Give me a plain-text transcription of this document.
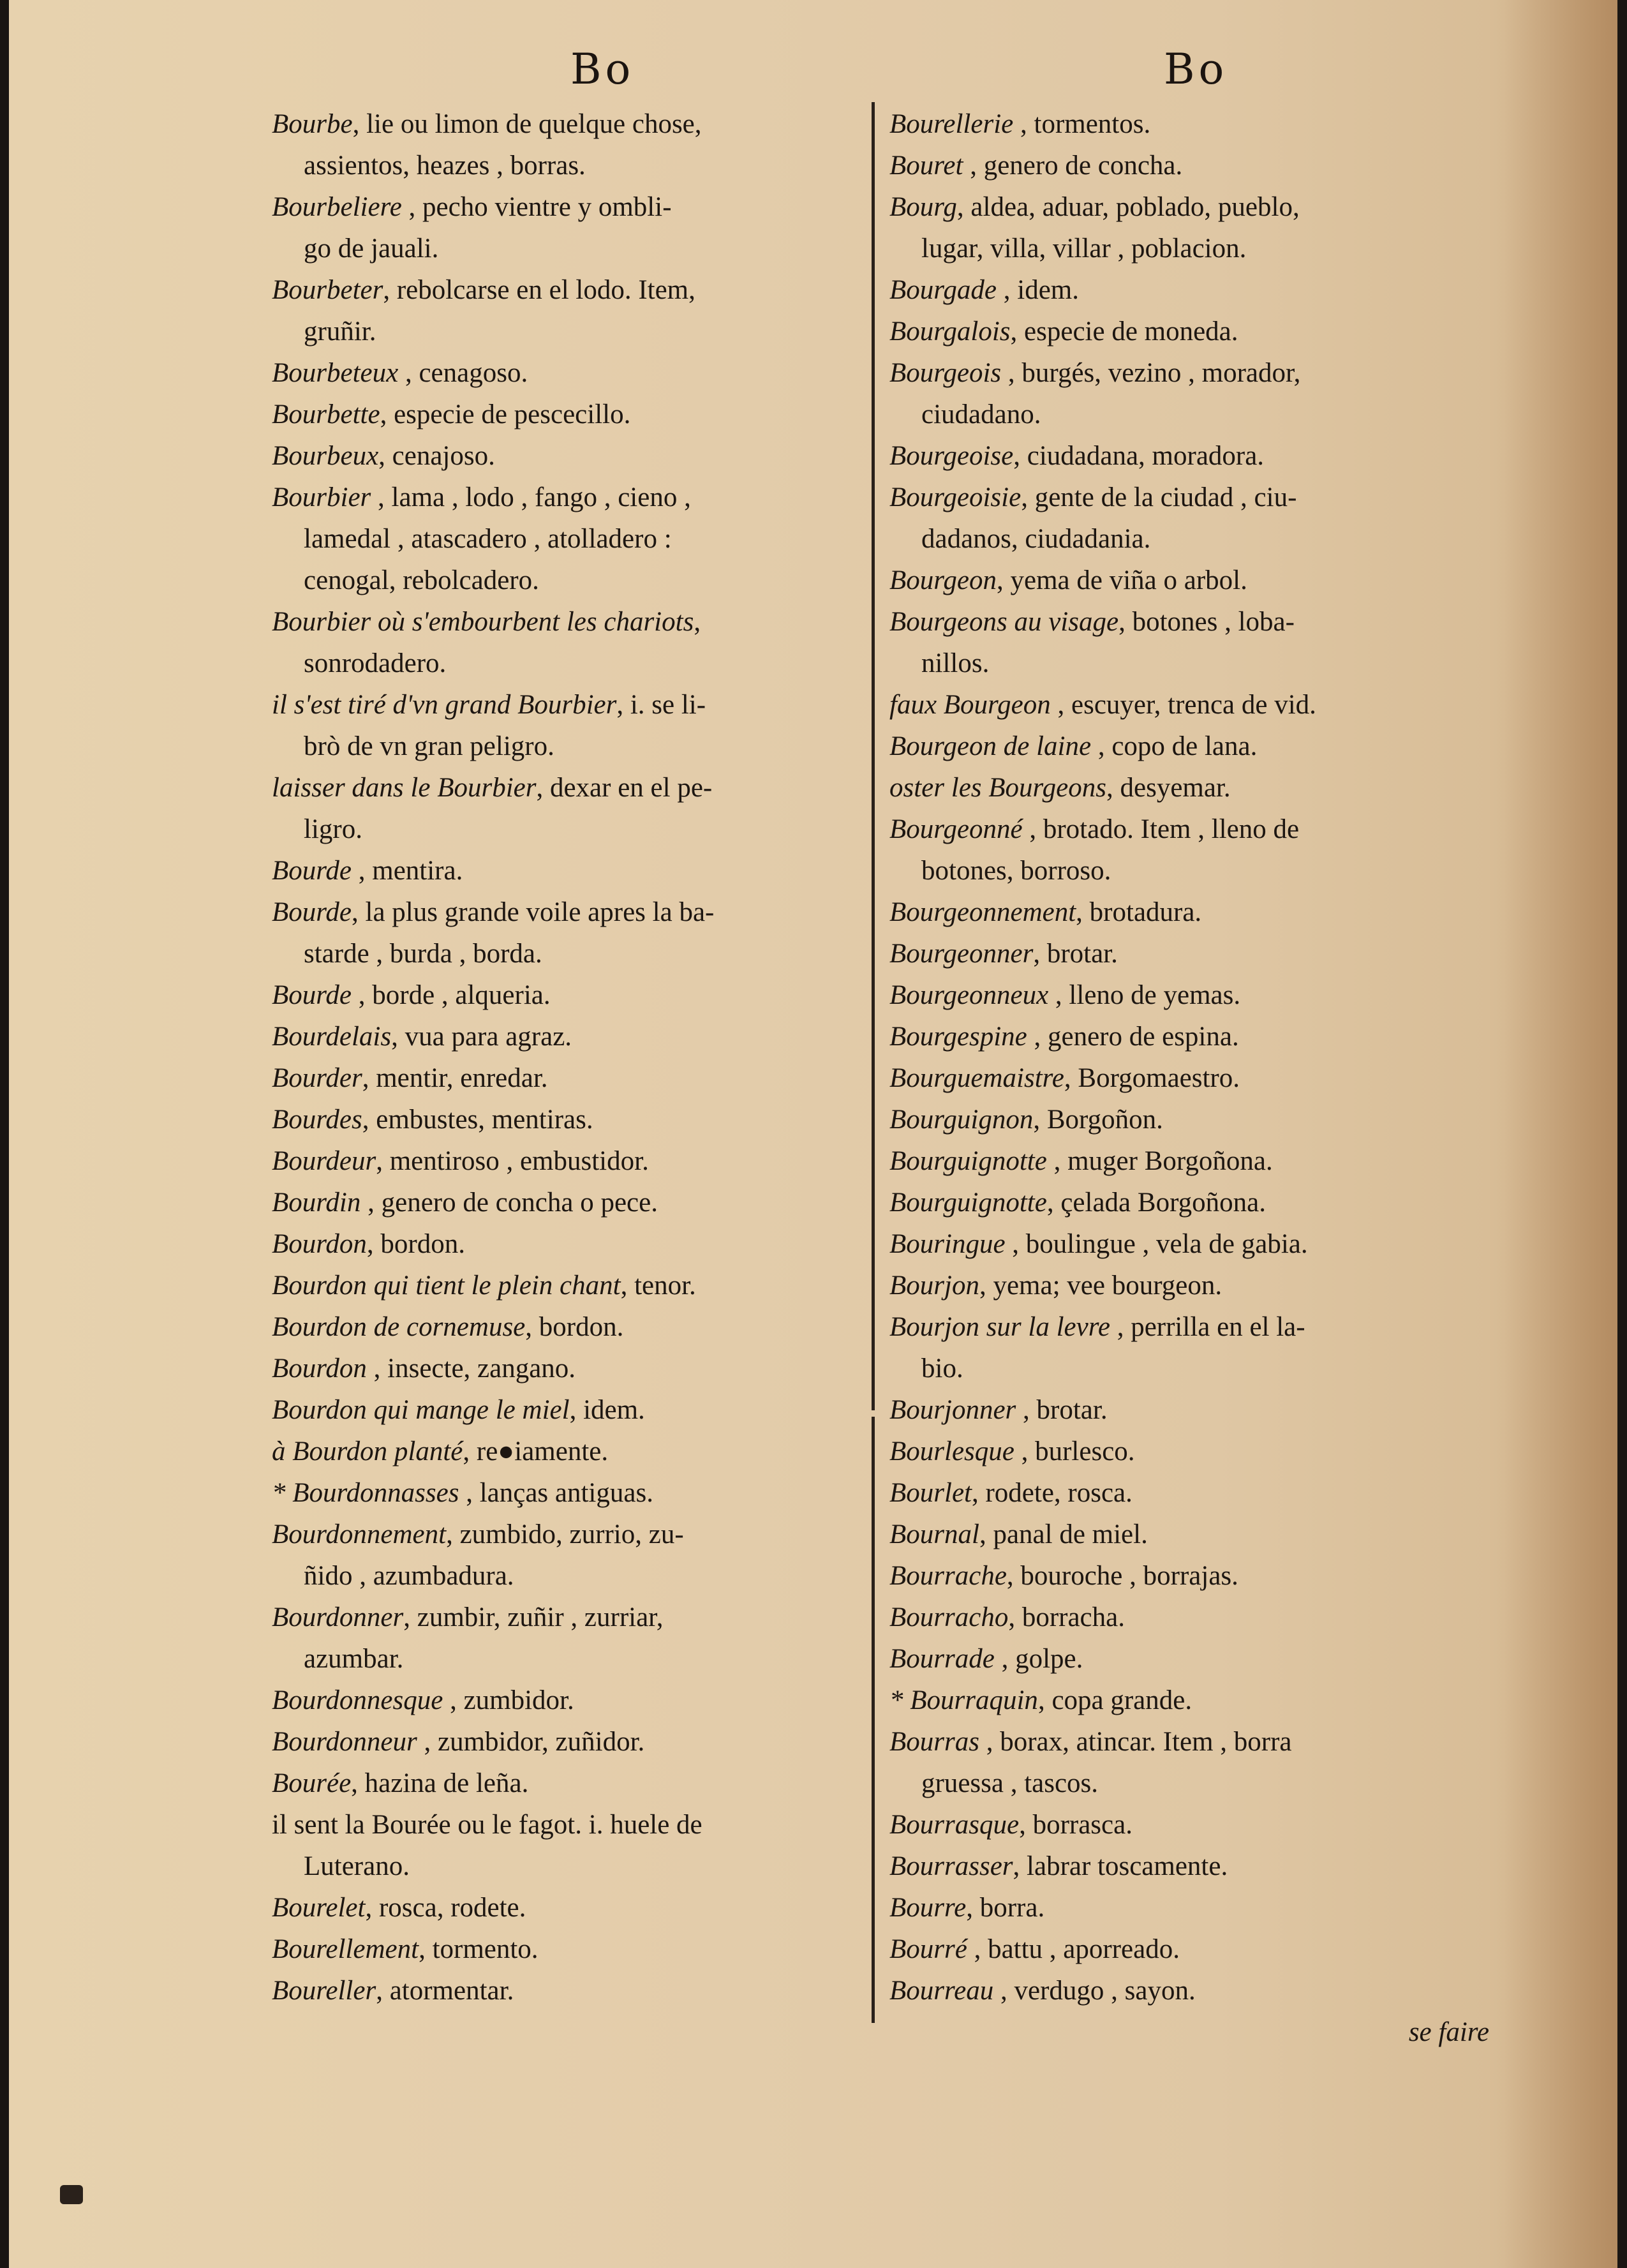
Bo	Bo
Bourbe, lie ou limon de quelque chose,
assientos, heazes , borras.
Bourbeliere , pecho vientre y ombli-
go de jauali.
Bourbeter, rebolcarse en el lodo. Item,
gruñir.
Bourbeteux , cenagoso.
Bourbette, especie de pescecillo.
Bourbeux, cenajoso.
Bourbier , lama , lodo , fango , cieno ,
lamedal , atascadero , atolladero :
cenogal, rebolcadero.
Bourbier où s'embourbent les chariots,
sonrodadero.
il s'est tiré d'vn grand Bourbier, i. se li-
brò de vn gran peligro.
laisser dans le Bourbier, dexar en el pe-
ligro.
Bourde , mentira.
Bourde, la plus grande voile apres la ba-
starde , burda , borda.
Bourde , borde , alqueria.
Bourdelais, vua para agraz.
Bourder, mentir, enredar.
Bourdes, embustes, mentiras.
Bourdeur, mentiroso , embustidor.
Bourdin , genero de concha o pece.
Bourdon, bordon.
Bourdon qui tient le plein chant, tenor.
Bourdon de cornemuse, bordon.
Bourdon , insecte, zangano.
Bourdon qui mange le miel, idem.
à Bourdon planté, re●iamente.
* Bourdonnasses , lanças antiguas.
Bourdonnement, zumbido, zurrio, zu-
ñido , azumbadura.
Bourdonner, zumbir, zuñir , zurriar,
azumbar.
Bourdonnesque , zumbidor.
Bourdonneur , zumbidor, zuñidor.
Bourée, hazina de leña.
il sent la Bourée ou le fagot. i. huele de
Luterano.
Bourelet, rosca, rodete.
Bourellement, tormento.
Boureller, atormentar.
Bourellerie , tormentos.
Bouret , genero de concha.
Bourg, aldea, aduar, poblado, pueblo,
lugar, villa, villar , poblacion.
Bourgade , idem.
Bourgalois, especie de moneda.
Bourgeois , burgés, vezino , morador,
ciudadano.
Bourgeoise, ciudadana, moradora.
Bourgeoisie, gente de la ciudad , ciu-
dadanos, ciudadania.
Bourgeon, yema de viña o arbol.
Bourgeons au visage, botones , loba-
nillos.
faux Bourgeon , escuyer, trenca de vid.
Bourgeon de laine , copo de lana.
oster les Bourgeons, desyemar.
Bourgeonné , brotado. Item , lleno de
botones, borroso.
Bourgeonnement, brotadura.
Bourgeonner, brotar.
Bourgeonneux , lleno de yemas.
Bourgespine , genero de espina.
Bourguemaistre, Borgomaestro.
Bourguignon, Borgoñon.
Bourguignotte , muger Borgoñona.
Bourguignotte, çelada Borgoñona.
Bouringue , boulingue , vela de gabia.
Bourjon, yema; vee bourgeon.
Bourjon sur la levre , perrilla en el la-
bio.
Bourjonner , brotar.
Bourlesque , burlesco.
Bourlet, rodete, rosca.
Bournal, panal de miel.
Bourrache, bouroche , borrajas.
Bourracho, borracha.
Bourrade , golpe.
* Bourraquin, copa grande.
Bourras , borax, atincar. Item , borra
gruessa , tascos.
Bourrasque, borrasca.
Bourrasser, labrar toscamente.
Bourre, borra.
Bourré , battu , aporreado.
Bourreau , verdugo , sayon.
se faire
